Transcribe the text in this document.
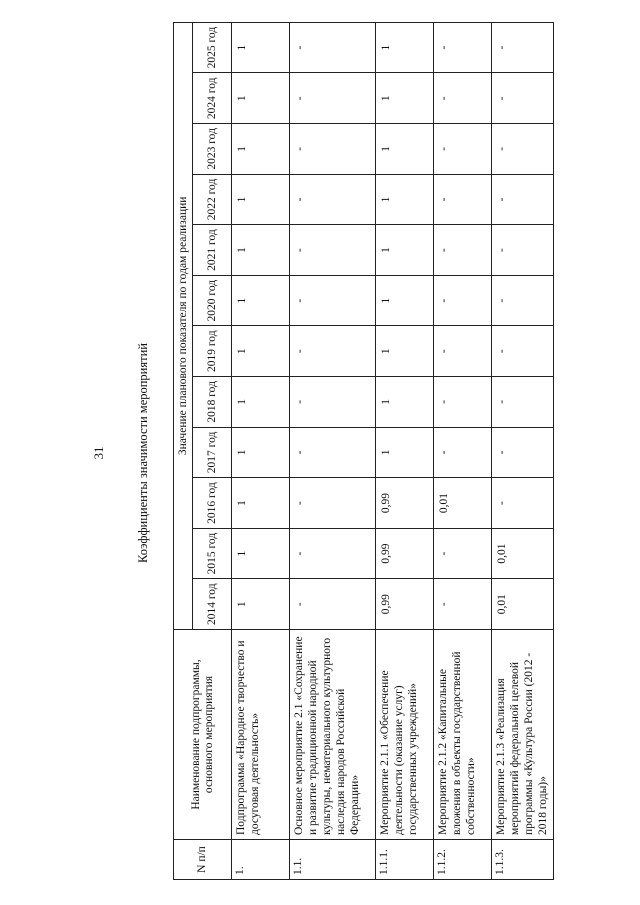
31	Коэффициенты значимости мероприятий
N п/п	Наименование подпрограммы, основного мероприятия	Значение планового показателя по годам реализации											
		2014 год	2015 год	2016 год	2017 год	2018 год	2019 год	2020 год	2021 год	2022 год	2023 год	2024 год	2025 год
1.	Подпрограмма «Народное творчество и досуговая деятельность»	1	1	1	1	1	1	1	1	1	1	1	1
1.1.	Основное мероприятие 2.1 «Сохранение и развитие традиционной народной культуры, нематериального культурного наследия народов Российской Федерации»	-	-	-	-	-	-	-	-	-	-	-	-
1.1.1.	Мероприятие 2.1.1 «Обеспечение деятельности (оказание услуг) государственных учреждений»	0,99	0,99	0,99	1	1	1	1	1	1	1	1	1
1.1.2.	Мероприятие 2.1.2 «Капитальные вложения в объекты государственной собственности»	-	-	0,01	-	-	-	-	-	-	-	-	-
1.1.3.	Мероприятие 2.1.3 «Реализация мероприятий федеральной целевой программы «Культура России (2012 - 2018 годы)»	0,01	0,01	-	-	-	-	-	-	-	-	-	-
